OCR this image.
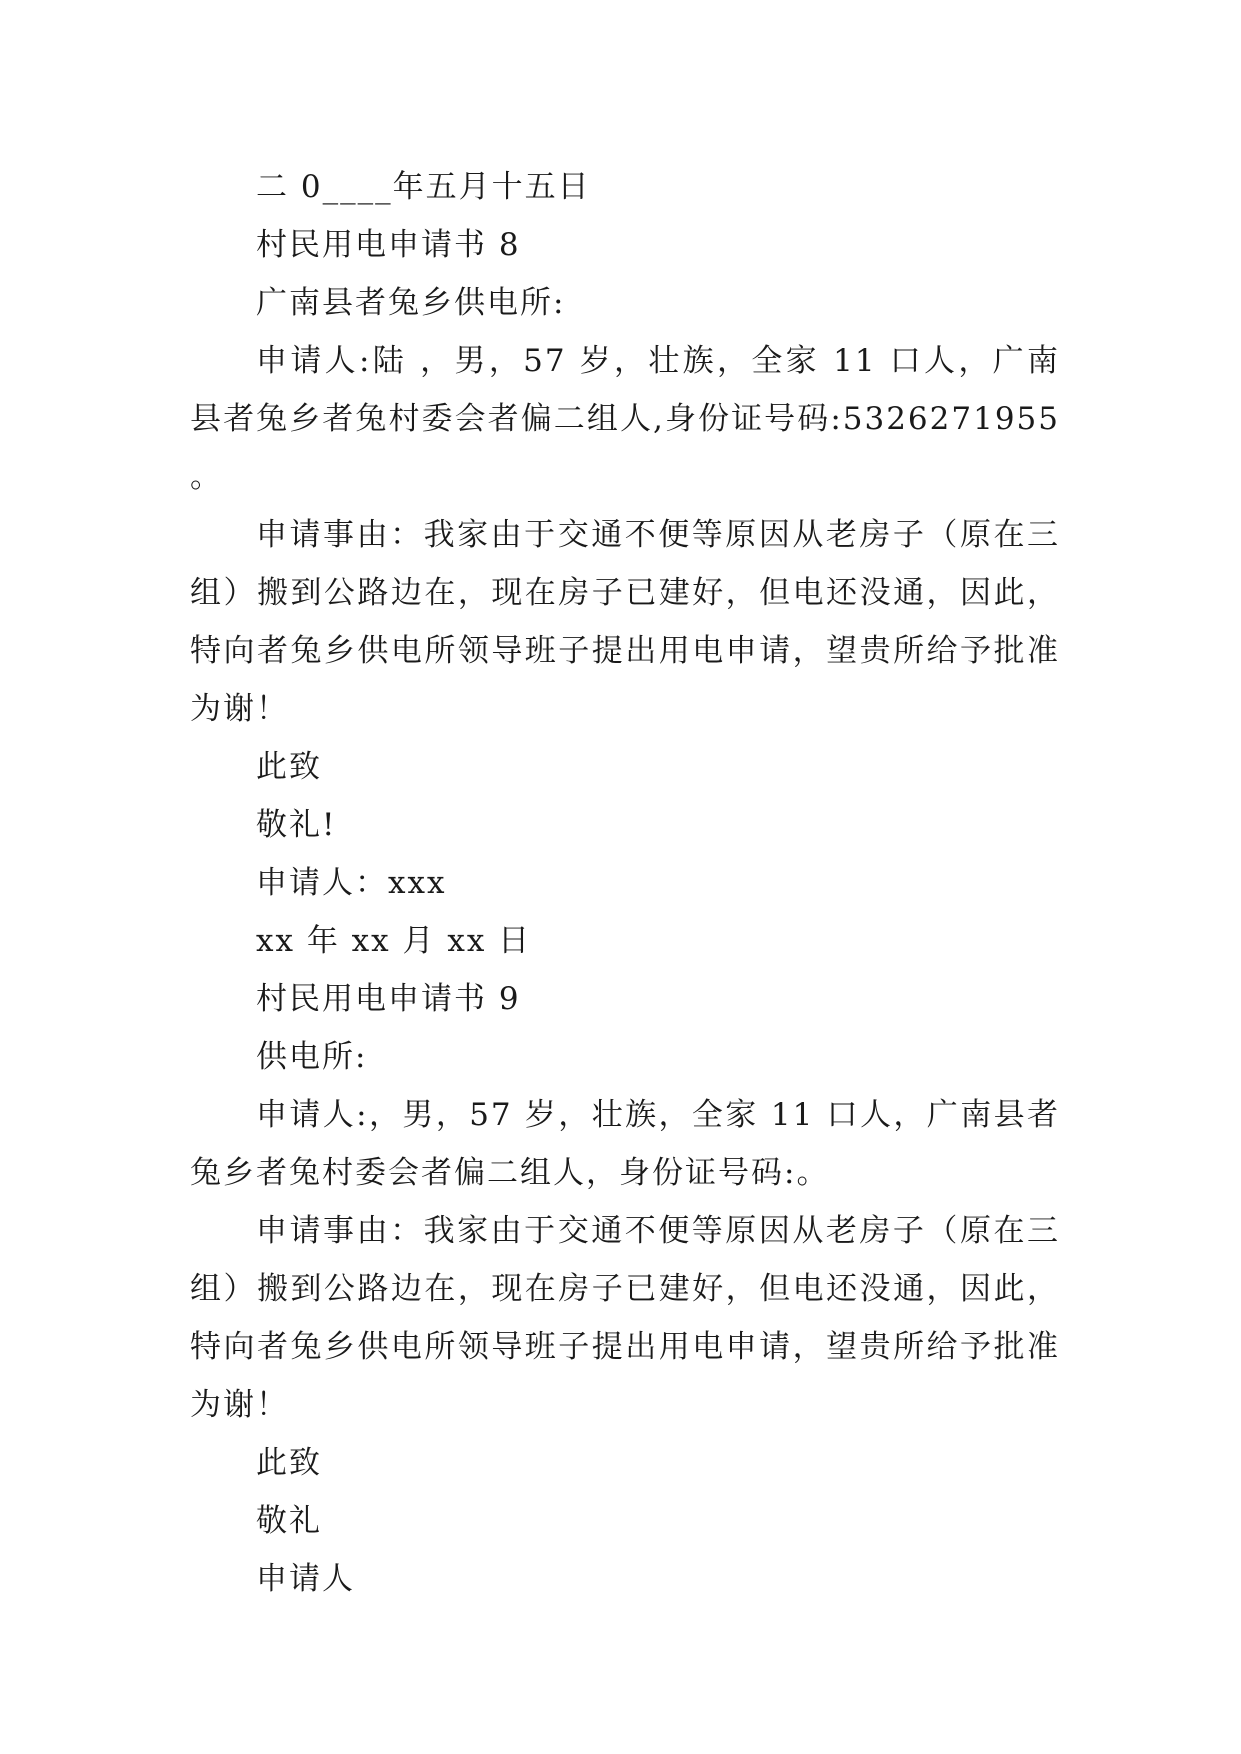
二 0____年五月十五日
村民用电申请书 8
广南县者兔乡供电所:

申请人:陆 ，男，57 岁，壮族，全家 11 口人，广南县者兔乡者兔村委会者偏二组人,身份证号码:5326271955 。

申请事由：我家由于交通不便等原因从老房子（原在三组）搬到公路边在，现在房子已建好，但电还没通，因此，特向者兔乡供电所领导班子提出用电申请，望贵所给予批准为谢！

此致
敬礼!
申请人：xxx
xx 年 xx 月 xx 日
村民用电申请书 9
供电所:

申请人:，男，57 岁，壮族，全家 11 口人，广南县者兔乡者兔村委会者偏二组人，身份证号码:。

申请事由：我家由于交通不便等原因从老房子（原在三组）搬到公路边在，现在房子已建好，但电还没通，因此，特向者兔乡供电所领导班子提出用电申请，望贵所给予批准为谢！

此致
敬礼
申请人
